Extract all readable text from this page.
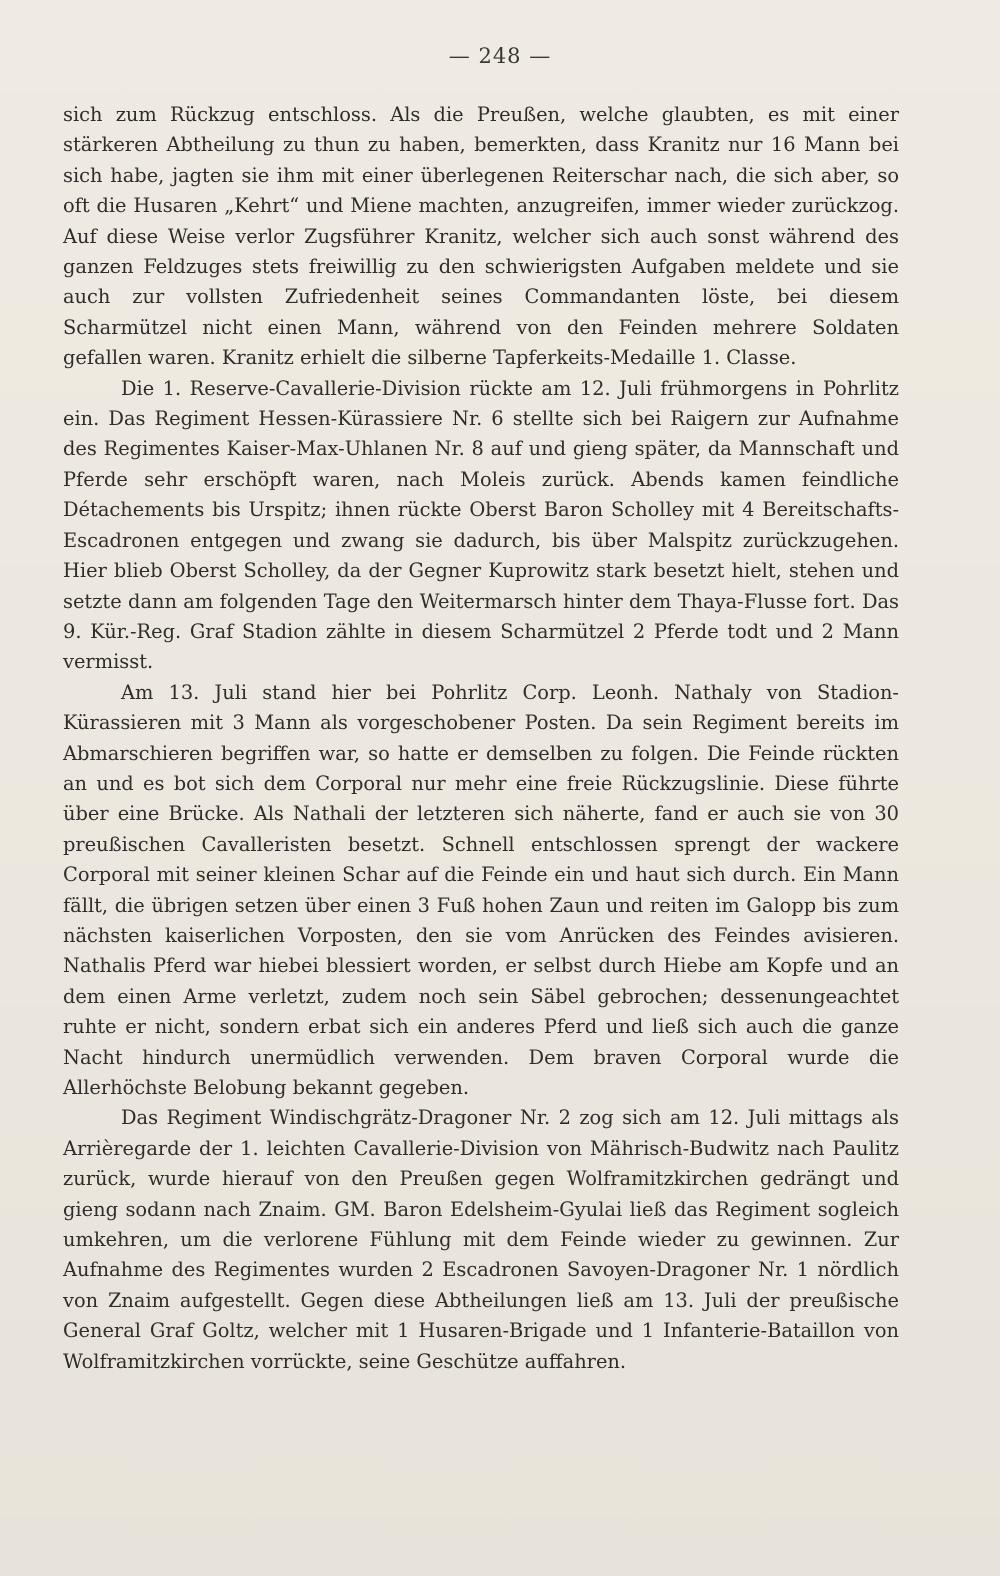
— 248 —

sich zum Rückzug entschloss. Als die Preußen, welche glaubten, es mit einer stärkeren Abtheilung zu thun zu haben, bemerkten, dass Kranitz nur 16 Mann bei sich habe, jagten sie ihm mit einer überlegenen Reiterschar nach, die sich aber, so oft die Husaren „Kehrt“ und Miene machten, anzugreifen, immer wieder zurückzog. Auf diese Weise verlor Zugsführer Kranitz, welcher sich auch sonst während des ganzen Feldzuges stets freiwillig zu den schwierigsten Aufgaben meldete und sie auch zur vollsten Zufriedenheit seines Commandanten löste, bei diesem Scharmützel nicht einen Mann, während von den Feinden mehrere Soldaten gefallen waren. Kranitz erhielt die silberne Tapferkeits-Medaille 1. Classe.

Die 1. Reserve-Cavallerie-Division rückte am 12. Juli frühmorgens in Pohrlitz ein. Das Regiment Hessen-Kürassiere Nr. 6 stellte sich bei Raigern zur Aufnahme des Regimentes Kaiser-Max-Uhlanen Nr. 8 auf und gieng später, da Mannschaft und Pferde sehr erschöpft waren, nach Moleis zurück. Abends kamen feindliche Détachements bis Urspitz; ihnen rückte Oberst Baron Scholley mit 4 Bereitschafts-Escadronen entgegen und zwang sie dadurch, bis über Malspitz zurückzugehen. Hier blieb Oberst Scholley, da der Gegner Kuprowitz stark besetzt hielt, stehen und setzte dann am folgenden Tage den Weitermarsch hinter dem Thaya-Flusse fort. Das 9. Kür.-Reg. Graf Stadion zählte in diesem Scharmützel 2 Pferde todt und 2 Mann vermisst.

Am 13. Juli stand hier bei Pohrlitz Corp. Leonh. Nathaly von Stadion-Kürassieren mit 3 Mann als vorgeschobener Posten. Da sein Regiment bereits im Abmarschieren begriffen war, so hatte er demselben zu folgen. Die Feinde rückten an und es bot sich dem Corporal nur mehr eine freie Rückzugslinie. Diese führte über eine Brücke. Als Nathali der letzteren sich näherte, fand er auch sie von 30 preußischen Cavalleristen besetzt. Schnell entschlossen sprengt der wackere Corporal mit seiner kleinen Schar auf die Feinde ein und haut sich durch. Ein Mann fällt, die übrigen setzen über einen 3 Fuß hohen Zaun und reiten im Galopp bis zum nächsten kaiserlichen Vorposten, den sie vom Anrücken des Feindes avisieren. Nathalis Pferd war hiebei blessiert worden, er selbst durch Hiebe am Kopfe und an dem einen Arme verletzt, zudem noch sein Säbel gebrochen; dessenungeachtet ruhte er nicht, sondern erbat sich ein anderes Pferd und ließ sich auch die ganze Nacht hindurch unermüdlich verwenden. Dem braven Corporal wurde die Allerhöchste Belobung bekannt gegeben.

Das Regiment Windischgrätz-Dragoner Nr. 2 zog sich am 12. Juli mittags als Arrièregarde der 1. leichten Cavallerie-Division von Mährisch-Budwitz nach Paulitz zurück, wurde hierauf von den Preußen gegen Wolframitzkirchen gedrängt und gieng sodann nach Znaim. GM. Baron Edelsheim-Gyulai ließ das Regiment sogleich umkehren, um die verlorene Fühlung mit dem Feinde wieder zu gewinnen. Zur Aufnahme des Regimentes wurden 2 Escadronen Savoyen-Dragoner Nr. 1 nördlich von Znaim aufgestellt. Gegen diese Abtheilungen ließ am 13. Juli der preußische General Graf Goltz, welcher mit 1 Husaren-Brigade und 1 Infanterie-Bataillon von Wolframitzkirchen vorrückte, seine Geschütze auffahren.
